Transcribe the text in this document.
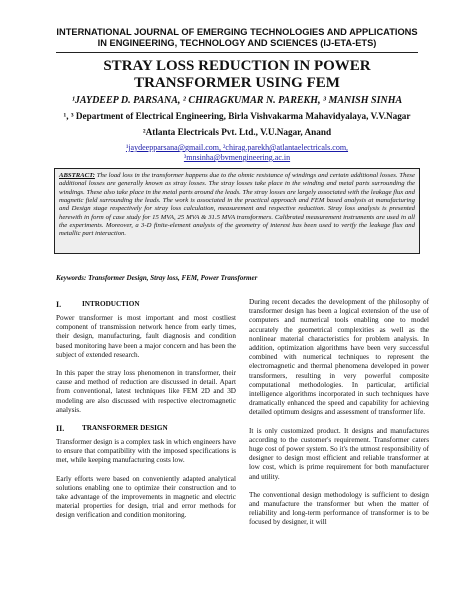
INTERNATIONAL JOURNAL OF EMERGING TECHNOLOGIES AND APPLICATIONS
IN ENGINEERING, TECHNOLOGY AND SCIENCES (IJ-ETA-ETS)
STRAY LOSS REDUCTION IN POWER
TRANSFORMER USING FEM
¹JAYDEEP D. PARSANA, ² CHIRAGKUMAR N. PAREKH, ³ MANISH SINHA
¹, ³ Department of Electrical Engineering, Birla Vishvakarma Mahavidyalaya, V.V.Nagar
²Atlanta Electricals Pvt. Ltd., V.U.Nagar, Anand
¹jaydeepparsana@gmail.com, ²chirag.parekh@atlantaelectricals.com,
³mnsinha@bvmengineering.ac.in
ABSTRACT: The load loss in the transformer happens due to the ohmic resistance of windings and certain additional losses. These additional losses are generally known as stray losses. The stray losses take place in the winding and metal parts surrounding the windings. These also take place in the metal parts around the leads. The stray losses are largely associated with the leakage flux and magnetic field surrounding the leads. The work is associated in the practical approach and FEM based analysis at manufacturing and Design stage respectively for stray loss calculation, measurement and respective reduction. Stray loss analysis is presented herewith in form of case study for 15 MVA, 25 MVA & 31.5 MVA transformers. Calibrated measurement instruments are used in all the experiments. Moreover, a 3-D finite-element analysis of the geometry of interest has been used to verify the leakage flux and metallic part interaction.
Keywords: Transformer Design, Stray loss, FEM, Power Transformer
I.	INTRODUCTION

Power transformer is most important and most costliest component of transmission network hence from early times, their design, manufacturing, fault diagnosis and condition based monitoring have been a major concern and has been the subject of extended research.

In this paper the stray loss phenomenon in transformer, their cause and method of reduction are discussed in detail. Apart from conventional, latest techniques like FEM 2D and 3D modeling are also discussed with respective electromagnetic analysis.

II. TRANSFORMER DESIGN

Transformer design is a complex task in which engineers have to ensure that compatibility with the imposed specifications is met, while keeping manufacturing costs low.

Early efforts were based on conveniently adapted analytical solutions enabling one to optimize their construction and to take advantage of the improvements in magnetic and electric material properties for design, trial and error methods for design verification and condition monitoring.

During recent decades the development of the philosophy of transformer design has been a logical extension of the use of computers and numerical tools enabling one to model accurately the geometrical complexities as well as the nonlinear material characteristics for problem analysis. In addition, optimization algorithms have been very successful combined with numerical techniques to represent the electromagnetic and thermal phenomena developed in power transformers, resulting in very powerful composite computational methodologies. In particular, artificial intelligence algorithms incorporated in such techniques have dramatically enhanced the speed and capability for achieving detailed optimum designs and assessment of transformer life.

It is only customized product. It designs and manufactures according to the customer's requirement. Transformer caters huge cost of power system. So it's the utmost responsibility of designer to design most efficient and reliable transformer at low cost, which is prime requirement for both manufacturer and utility.

The conventional design methodology is sufficient to design and manufacture the transformer but when the matter of reliability and long-term performance of transformer is to be focused by designer, it will
